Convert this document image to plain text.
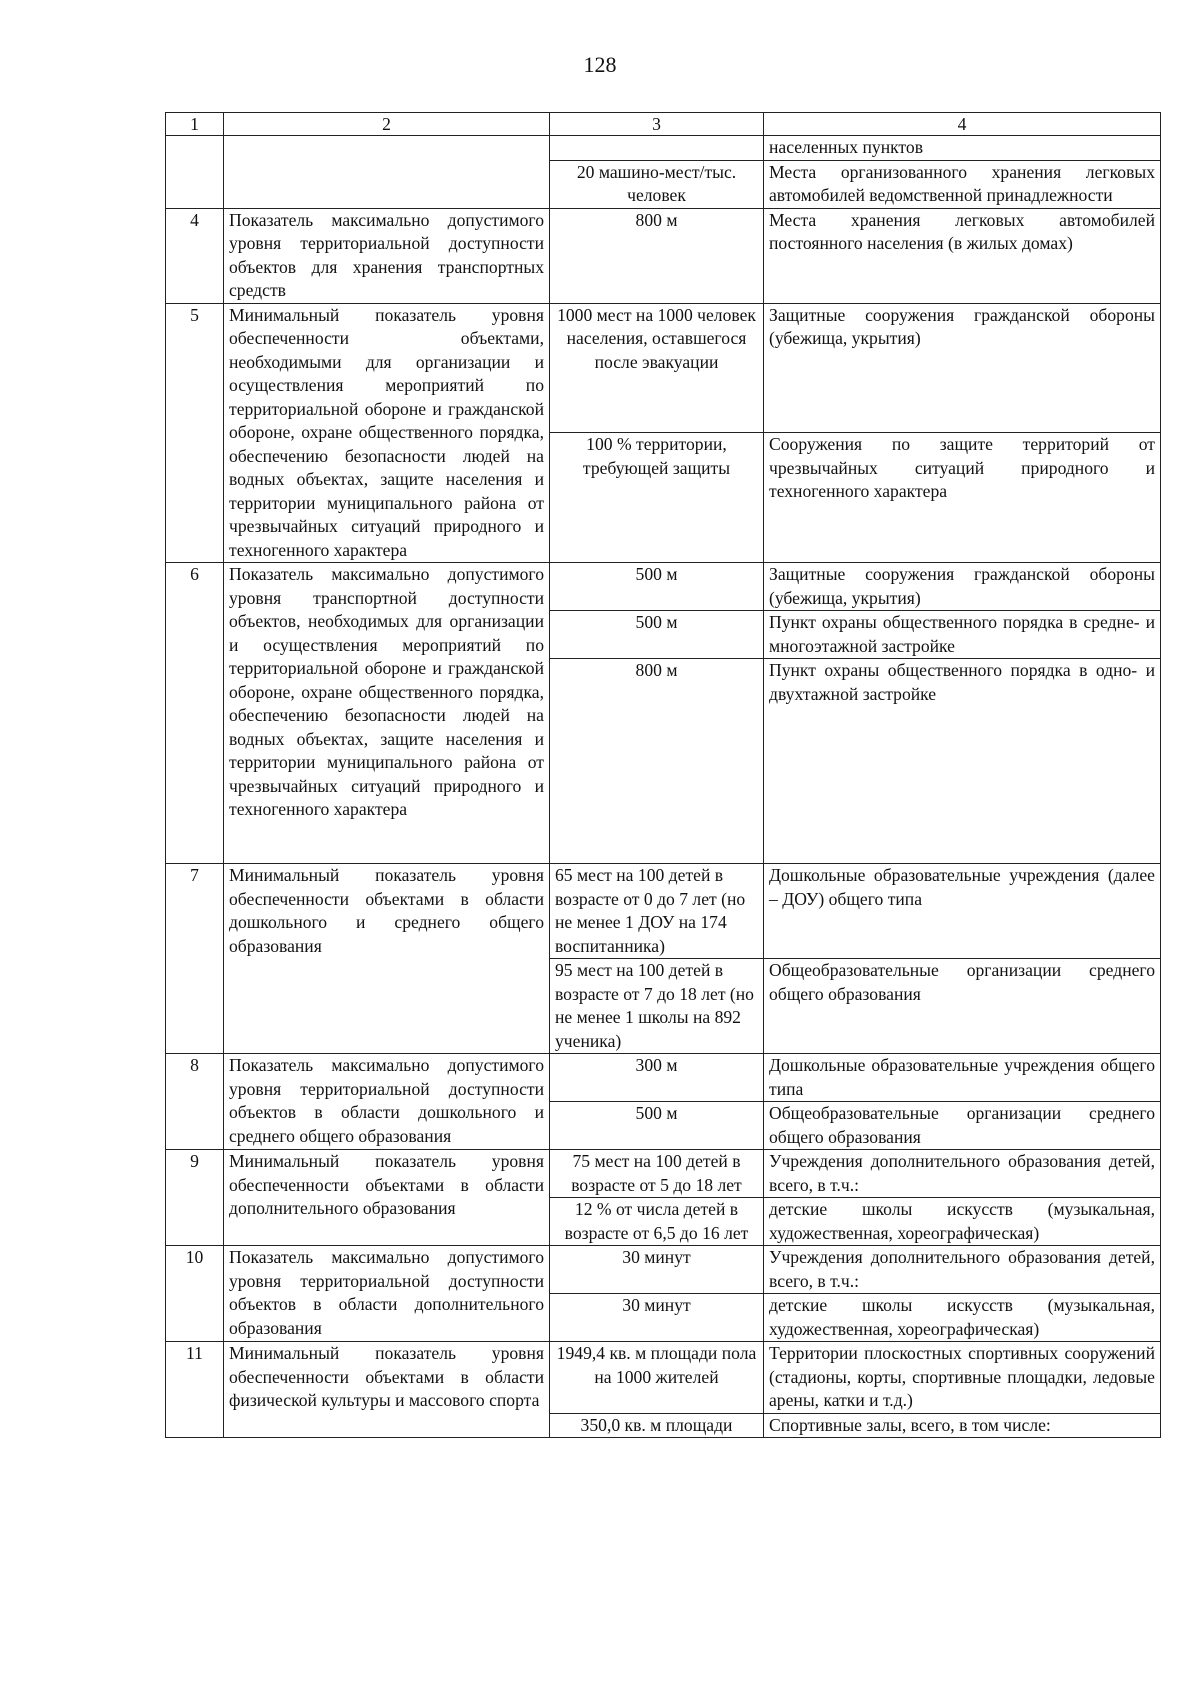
128
1	2	3	4
			населенных пунктов
		20 машино-мест/тыс. человек	Места организованного хранения легковых автомобилей ведомственной принадлежности
4	Показатель максимально допустимого уровня территориальной доступности объектов для хранения транспортных средств	800 м	Места хранения легковых автомобилей постоянного населения (в жилых домах)
5	Минимальный показатель уровня обеспеченности объектами, необходимыми для организации и осуществления мероприятий по территориальной обороне и гражданской обороне, охране общественного порядка, обеспечению безопасности людей на водных объектах, защите населения и территории муниципального района от чрезвычайных ситуаций природного и техногенного характера	1000 мест на 1000 человек населения, оставшегося после эвакуации	Защитные сооружения гражданской обороны (убежища, укрытия)
		100 % территории, требующей защиты	Сооружения по защите территорий от чрезвычайных ситуаций природного и техногенного характера
6	Показатель максимально допустимого уровня транспортной доступности объектов, необходимых для организации и осуществления мероприятий по территориальной обороне и гражданской обороне, охране общественного порядка, обеспечению безопасности людей на водных объектах, защите населения и территории муниципального района от чрезвычайных ситуаций природного и техногенного характера	500 м	Защитные сооружения гражданской обороны (убежища, укрытия)
		500 м	Пункт охраны общественного порядка в средне- и многоэтажной застройке
		800 м	Пункт охраны общественного порядка в одно- и двухтажной застройке
7	Минимальный показатель уровня обеспеченности объектами в области дошкольного и среднего общего образования	65 мест на 100 детей в возрасте от 0 до 7 лет (но не менее 1 ДОУ на 174 воспитанника)	Дошкольные образовательные учреждения (далее – ДОУ) общего типа
		95 мест на 100 детей в возрасте от 7 до 18 лет (но не менее 1 школы на 892 ученика)	Общеобразовательные организации среднего общего образования
8	Показатель максимально допустимого уровня территориальной доступности объектов в области дошкольного и среднего общего образования	300 м	Дошкольные образовательные учреждения общего типа
		500 м	Общеобразовательные организации среднего общего образования
9	Минимальный показатель уровня обеспеченности объектами в области дополнительного образования	75 мест на 100 детей в возрасте от 5 до 18 лет	Учреждения дополнительного образования детей, всего, в т.ч.:
		12 % от числа детей в возрасте от 6,5 до 16 лет	детские школы искусств (музыкальная, художественная, хореографическая)
10	Показатель максимально допустимого уровня территориальной доступности объектов в области дополнительного образования	30 минут	Учреждения дополнительного образования детей, всего, в т.ч.:
		30 минут	детские школы искусств (музыкальная, художественная, хореографическая)
11	Минимальный показатель уровня обеспеченности объектами в области физической культуры и массового спорта	1949,4 кв. м площади пола на 1000 жителей	Территории плоскостных спортивных сооружений (стадионы, корты, спортивные площадки, ледовые арены, катки и т.д.)
		350,0 кв. м площади	Спортивные залы, всего, в том числе:
